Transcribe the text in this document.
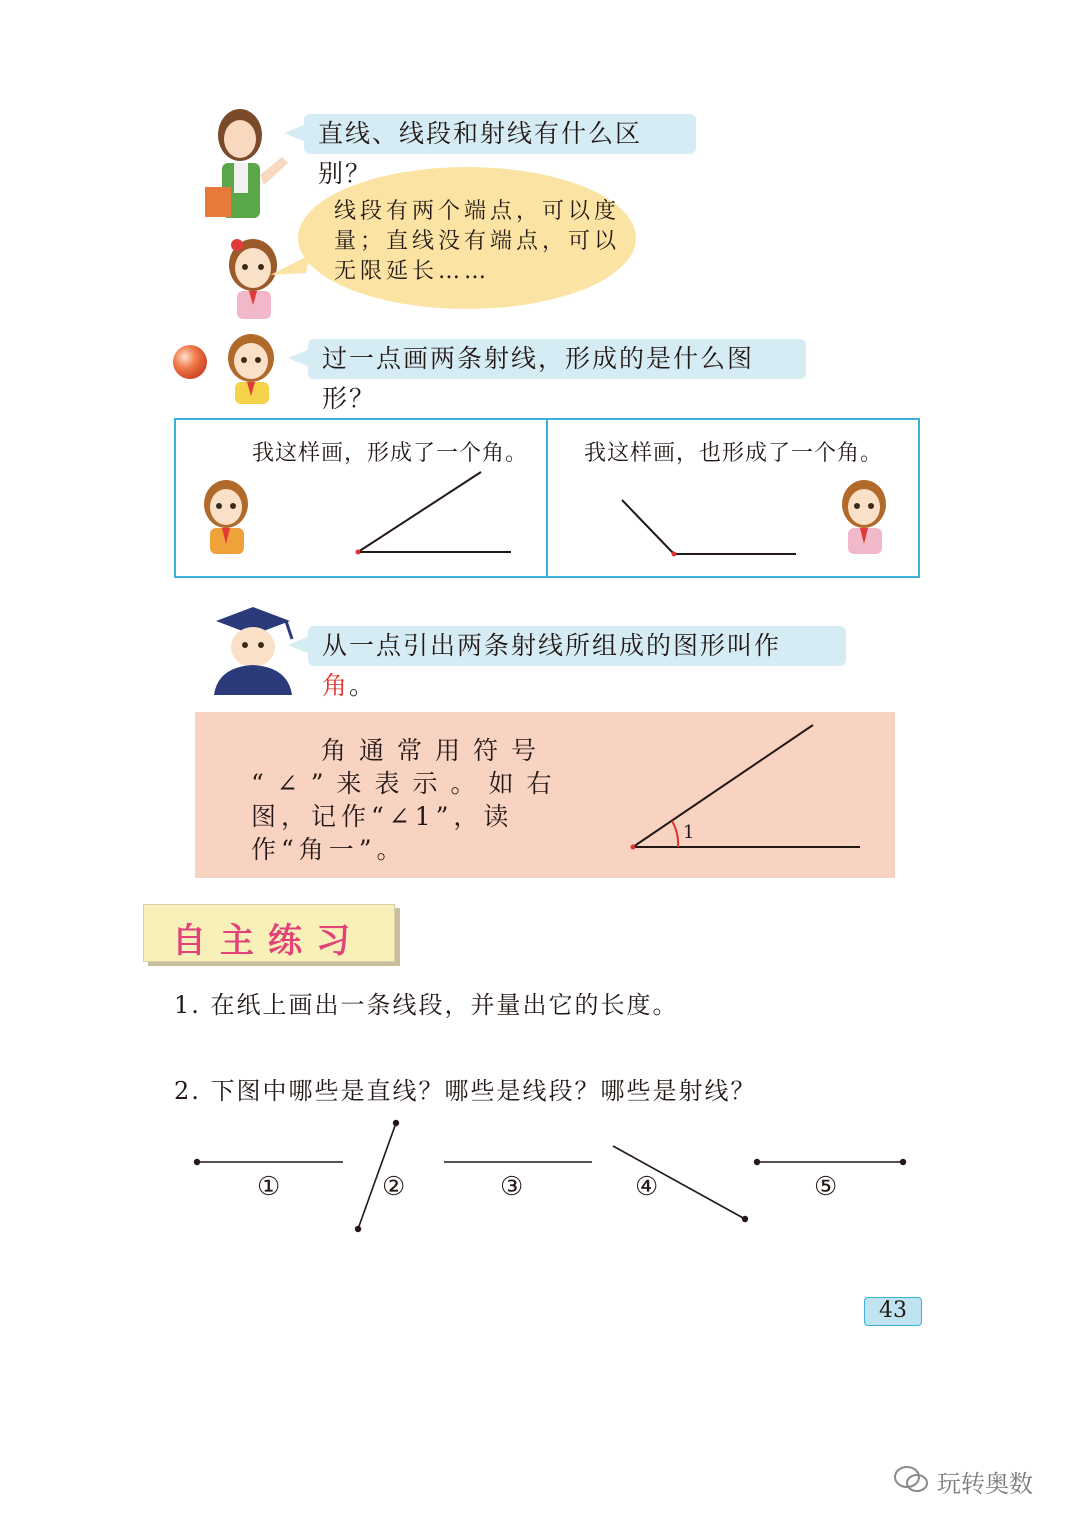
直线、线段和射线有什么区别？
线段有两个端点，可以度
量；直线没有端点，可以
无限延长……
过一点画两条射线，形成的是什么图形？
我这样画，形成了一个角。	我这样画，也形成了一个角。
从一点引出两条射线所组成的图形叫作角。
角通常用符号
“∠”来表示。如右
图，记作“∠1”，读
作“角一”。
1
自主练习
1. 在纸上画出一条线段，并量出它的长度。
2. 下图中哪些是直线？哪些是线段？哪些是射线？
①	②	③	④	⑤
43
玩转奥数
